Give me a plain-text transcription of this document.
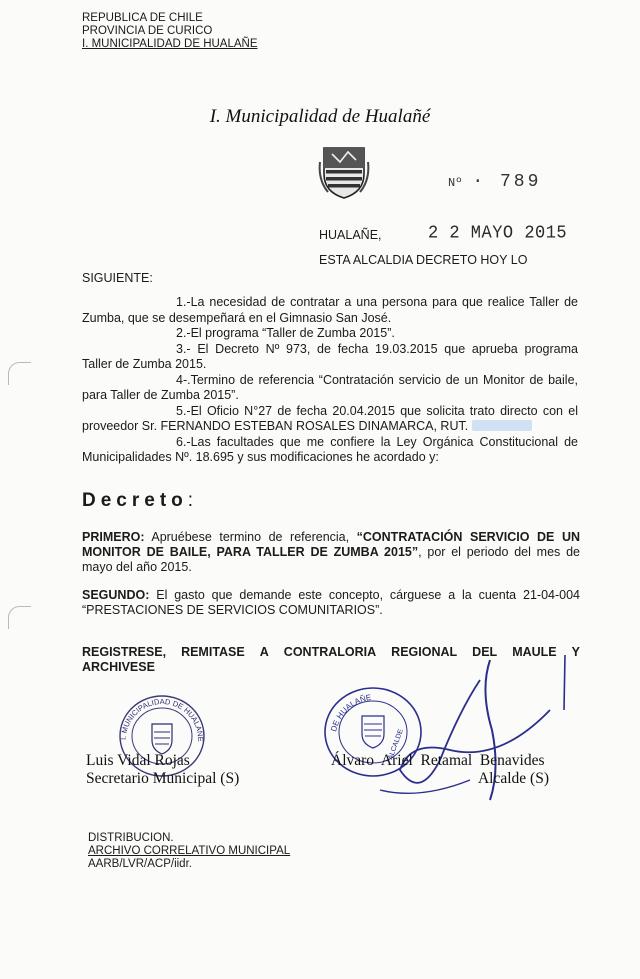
REPUBLICA DE CHILE
PROVINCIA DE CURICO
I. MUNICIPALIDAD DE HUALAÑE
I. Municipalidad de Hualañé
Nº · 789
HUALAÑE,	2 2 MAYO 2015
ESTA ALCALDIA DECRETO HOY LO
SIGUIENTE:

1.-La necesidad de contratar a una persona para que realice Taller de Zumba, que se desempeñará en el Gimnasio San José.

2.-El programa “Taller de Zumba 2015”.

3.- El Decreto Nº 973, de fecha 19.03.2015 que aprueba programa Taller de Zumba 2015.

4-.Termino de referencia “Contratación servicio de un Monitor de baile, para Taller de Zumba 2015”.

5.-El Oficio N°27 de fecha 20.04.2015 que solicita trato directo con el proveedor Sr. FERNANDO ESTEBAN ROSALES DINAMARCA, RUT.

6.-Las facultades que me confiere la Ley Orgánica Constitucional de Municipalidades Nº. 18.695 y sus modificaciones he acordado y:

Decreto:
PRIMERO: Apruébese termino de referencia, “CONTRATACIÓN SERVICIO DE UN MONITOR DE BAILE, PARA TALLER DE ZUMBA 2015”, por el periodo del mes de mayo del año 2015.
SEGUNDO: El gasto que demande este concepto, cárguese a la cuenta 21-04-004 “PRESTACIONES DE SERVICIOS COMUNITARIOS”.
REGISTRESE, REMITASE A CONTRALORIA REGIONAL DEL MAULE Y
ARCHIVESE
I. MUNICIPALIDAD DE HUALAÑE
DE HUALAÑE
ALCALDE
Luis Vidal Rojas
Secretario Municipal (S)
Álvaro  Ariel  Retamal  Benavides
Alcalde (S)
DISTRIBUCION.
ARCHIVO CORRELATIVO MUNICIPAL
AARB/LVR/ACP/iidr.
